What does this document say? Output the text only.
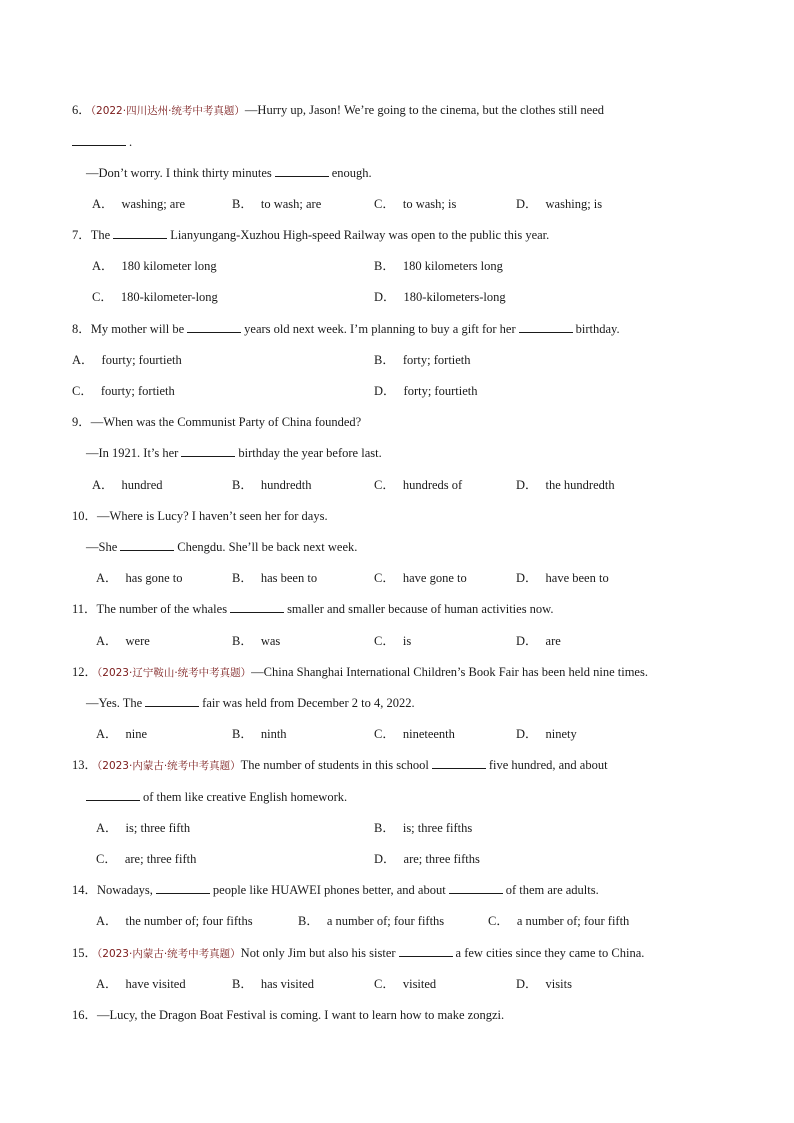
6．（2022·四川达州·统考中考真题）—Hurry up, Jason! We’re going to the cinema, but the clothes still need
.
—Don’t worry. I think thirty minutes	enough.
A． washing; are	B． to wash; are	C． to wash; is	D． washing; is
7．The	Lianyungang-Xuzhou High-speed Railway was open to the public this year.
A． 180 kilometer long	B． 180 kilometers long
C． 180-kilometer-long	D． 180-kilometers-long
8．My mother will be	years old next week. I’m planning to buy a gift for her	birthday.
A． fourty; fourtieth	B． forty; fortieth
C． fourty; fortieth	D． forty; fourtieth
9．—When was the Communist Party of China founded?
—In 1921. It’s her	birthday the year before last.
A． hundred	B． hundredth	C． hundreds of	D． the hundredth
10．—Where is Lucy? I haven’t seen her for days.
—She	Chengdu. She’ll be back next week.
A． has gone to	B． has been to	C． have gone to	D． have been to
11．The number of the whales	smaller and smaller because of human activities now.
A． were	B． was	C． is	D． are
12．（2023·辽宁鞍山·统考中考真题）—China Shanghai International Children’s Book Fair has been held nine times.
—Yes. The	fair was held from December 2 to 4, 2022.
A． nine	B． ninth	C． nineteenth	D． ninety
13．（2023·内蒙古·统考中考真题）The number of students in this school	five hundred, and about
of them like creative English homework.
A． is; three fifth	B． is; three fifths
C． are; three fifth	D． are; three fifths
14．Nowadays,	people like HUAWEI phones better, and about	of them are adults.
A． the number of; four fifths	B． a number of; four fifths	C． a number of; four fifth
15．（2023·内蒙古·统考中考真题）Not only Jim but also his sister	a few cities since they came to China.
A． have visited	B． has visited	C． visited	D． visits
16．—Lucy, the Dragon Boat Festival is coming. I want to learn how to make zongzi.
